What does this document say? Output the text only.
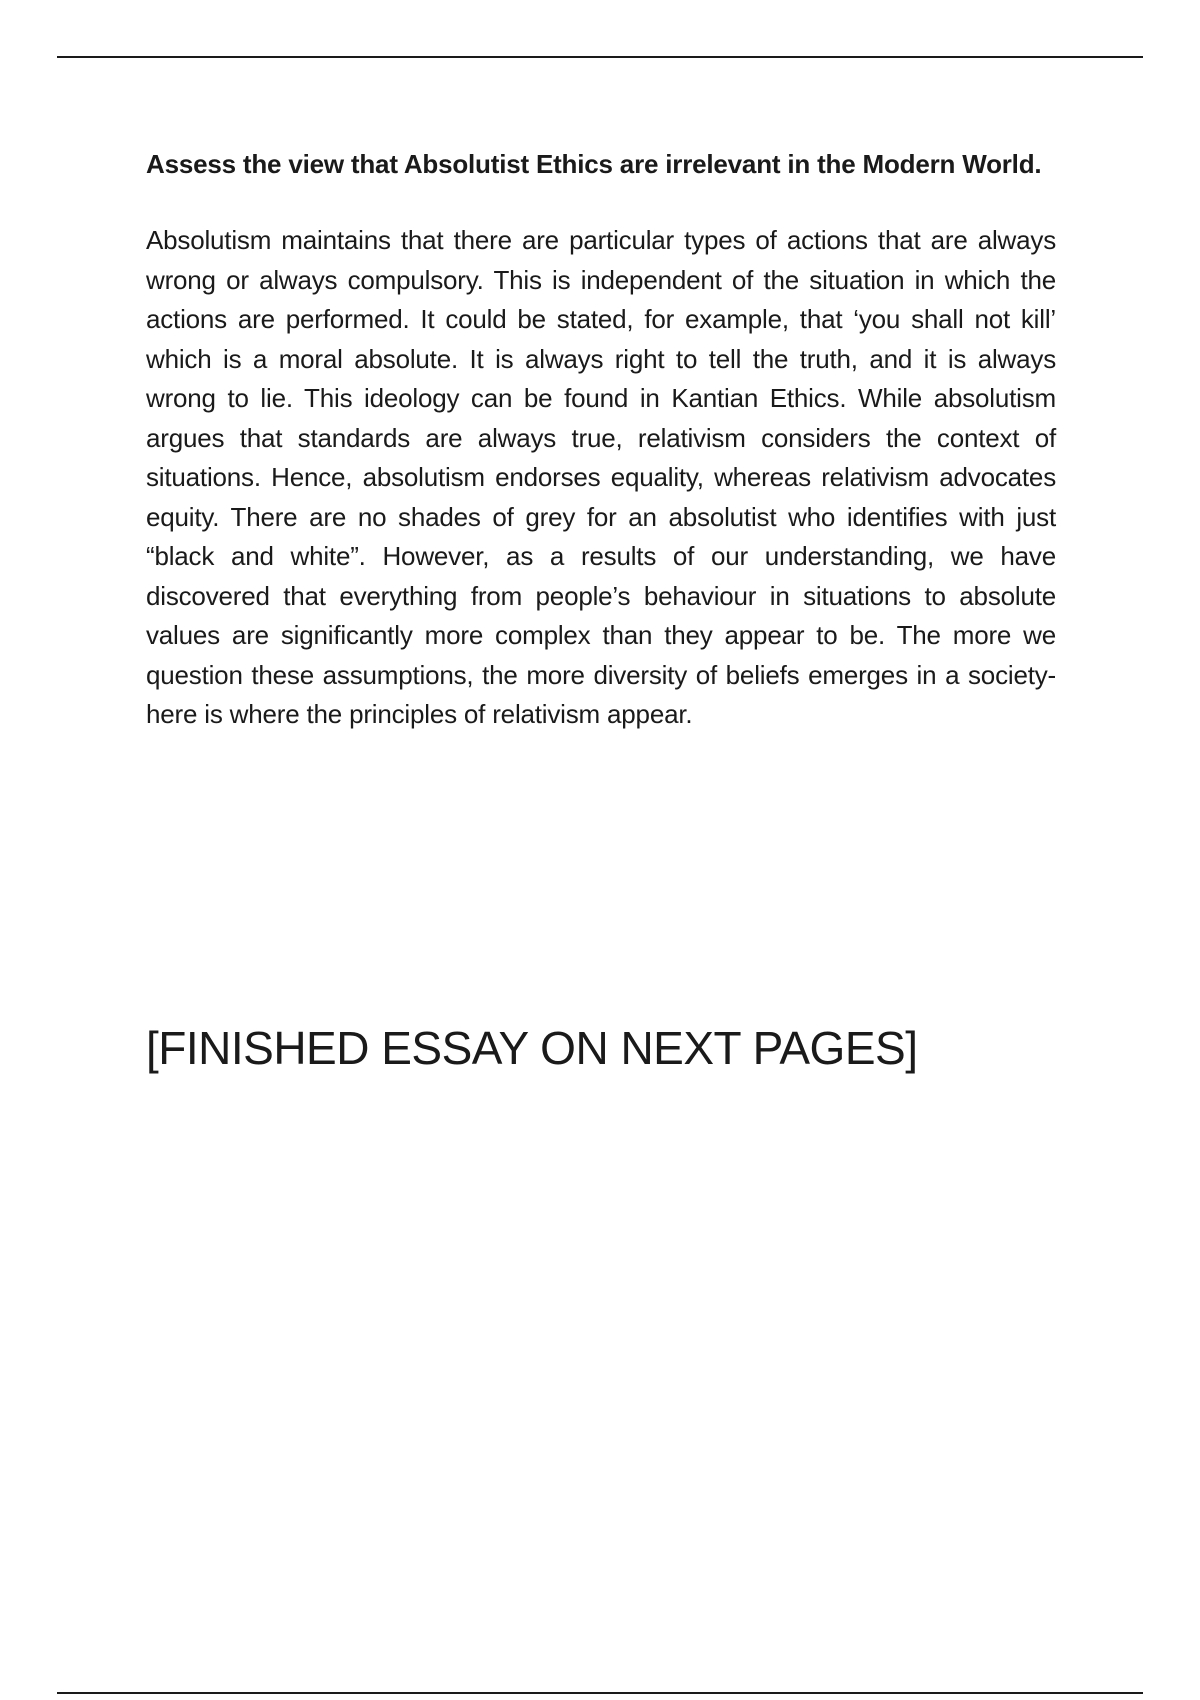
Assess the view that Absolutist Ethics are irrelevant in the Modern World.

Absolutism maintains that there are particular types of actions that are always wrong or always compulsory. This is independent of the situation in which the actions are performed. It could be stated, for example, that ‘you shall not kill’ which is a moral absolute. It is always right to tell the truth, and it is always wrong to lie. This ideology can be found in Kantian Ethics. While absolutism argues that standards are always true, relativism considers the context of situations. Hence, absolutism endorses equality, whereas relativism advocates equity. There are no shades of grey for an absolutist who identifies with just “black and white”. However, as a results of our understanding, we have discovered that everything from people’s behaviour in situations to absolute values are significantly more complex than they appear to be. The more we question these assumptions, the more diversity of beliefs emerges in a society- here is where the principles of relativism appear.

[FINISHED ESSAY ON NEXT PAGES]
